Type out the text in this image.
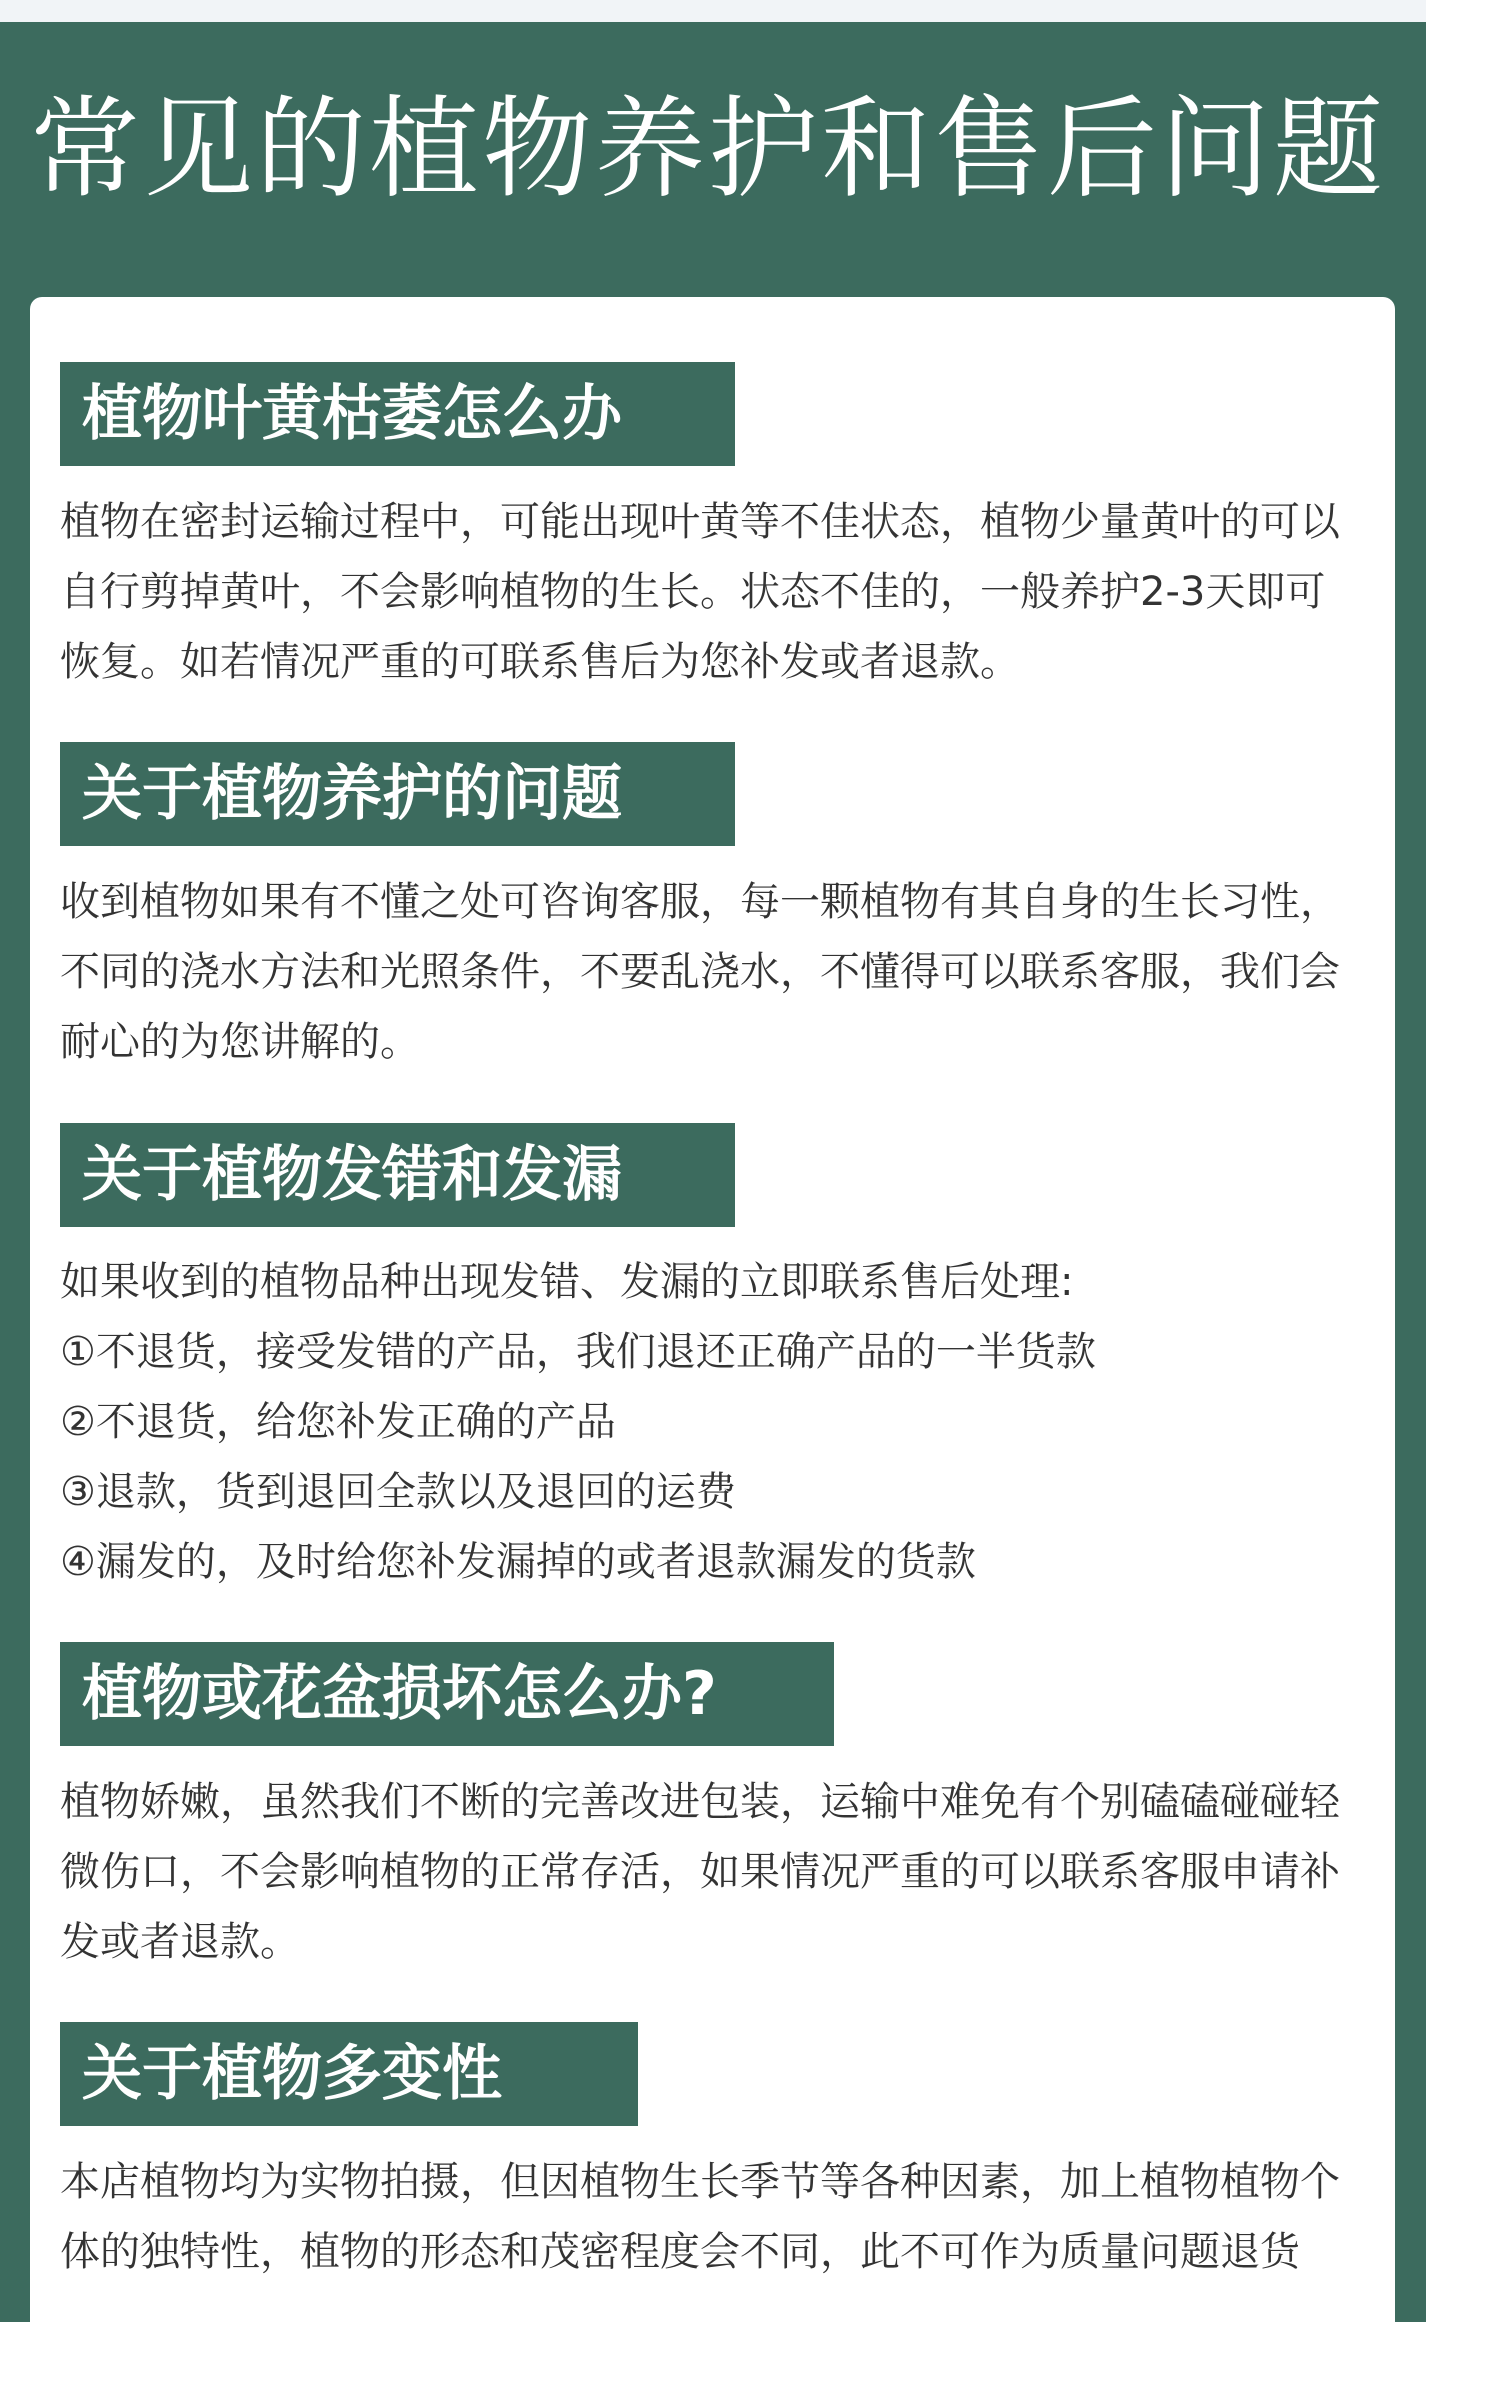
常见的植物养护和售后问题
植物叶黄枯萎怎么办

植物在密封运输过程中，可能出现叶黄等不佳状态，植物少量黄叶的可以自行剪掉黄叶，不会影响植物的生长。状态不佳的，一般养护2-3天即可恢复。如若情况严重的可联系售后为您补发或者退款。

关于植物养护的问题

收到植物如果有不懂之处可咨询客服，每一颗植物有其自身的生长习性，不同的浇水方法和光照条件，不要乱浇水，不懂得可以联系客服，我们会耐心的为您讲解的。

关于植物发错和发漏

如果收到的植物品种出现发错、发漏的立即联系售后处理:

①不退货，接受发错的产品，我们退还正确产品的一半货款
②不退货，给您补发正确的产品
③退款，货到退回全款以及退回的运费
④漏发的，及时给您补发漏掉的或者退款漏发的货款
植物或花盆损坏怎么办?

植物娇嫩，虽然我们不断的完善改进包装，运输中难免有个别磕磕碰碰轻微伤口，不会影响植物的正常存活，如果情况严重的可以联系客服申请补发或者退款。

关于植物多变性

本店植物均为实物拍摄，但因植物生长季节等各种因素，加上植物植物个体的独特性，植物的形态和茂密程度会不同，此不可作为质量问题退货
